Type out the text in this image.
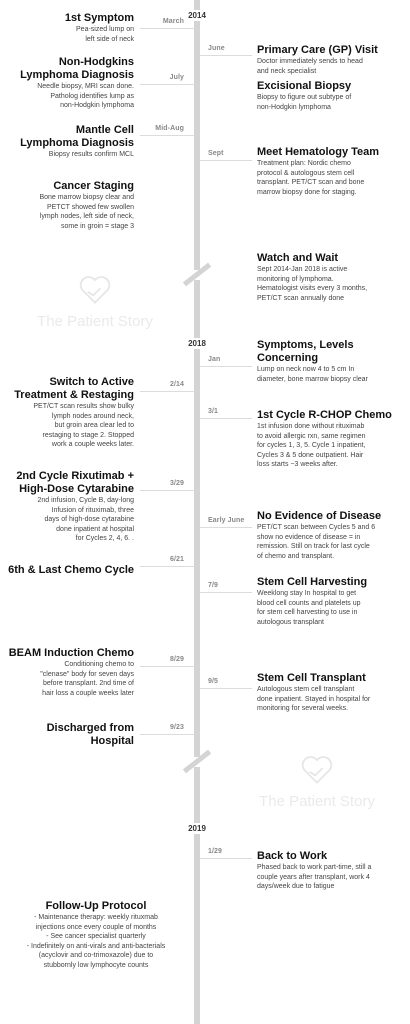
2014
2018
2019
The Patient Story
The Patient Story
1st Symptom
Pea-sized lump on
left side of neck
March
Primary Care (GP) Visit
Doctor immediately sends to head
and neck specialist
June
Non-Hodgkins
Lymphoma Diagnosis
Needle biopsy, MRI scan done.
Patholog identifies lump as
non-Hodgkin lymphoma
July
Excisional Biopsy
Biopsy to figure out subtype of
non-Hodgkin lymphoma
Mantle Cell
Lymphoma Diagnosis
Biopsy results confirm MCL
Mid-Aug
Meet Hematology Team
Treatment plan: Nordic chemo
protocol & autologous stem cell
transplant. PET/CT scan and bone
marrow biopsy done for staging.
Sept
Cancer Staging
Bone marrow biopsy clear and
PETCT showed few swollen
lymph nodes, left side of neck,
some in groin = stage 3
Watch and Wait
Sept 2014-Jan 2018 is active
monitoring of lymphoma.
Hematologist visits every 3 months,
PET/CT scan annually done
Symptoms, Levels
Concerning
Lump on neck now 4 to 5 cm In
diameter, bone marrow biopsy clear
Jan
Switch to Active
Treatment & Restaging
PET/CT scan results show bulky
lymph nodes around neck,
but groin area clear led to
restaging to stage 2. Stopped
work a couple weeks later.
2/14
1st Cycle R-CHOP Chemo
1st infusion done without rituximab
to avoid allergic rxn, same regimen
for cycles 1, 3, 5. Cycle 1 inpatient,
Cycles 3 & 5 done outpatient. Hair
loss starts ~3 weeks after.
3/1
2nd Cycle Rixutimab +
High-Dose Cytarabine
2nd infusion, Cycle B, day-long
Infusion of rituximab, three
days of high-dose cytarabine
done inpatient at hospital
for Cycles 2, 4, 6. .
3/29
No Evidence of Disease
PET/CT scan between Cycles 5 and 6
show no evidence of disease = in
remission. Still on track for last cycle
of chemo and transplant.
Early June
6th & Last Chemo Cycle
6/21
Stem Cell Harvesting
Weeklong stay In hospital to get
blood cell counts and platelets up
for stem cell harvesting to use in
autologous transplant
7/9
BEAM Induction Chemo
Conditioning chemo to
"clenase" body for seven days
before transplant. 2nd time of
hair loss a couple weeks later
8/29
Stem Cell Transplant
Autologous stem cell transplant
done inpatient. Stayed in hospital for
monitoring for several weeks.
9/5
Discharged from
Hospital
9/23
Back to Work
Phased back to work part-time, still a
couple years after transplant, work 4
days/week due to fatigue
1/29
Follow-Up Protocol
- Maintenance therapy: weekly rituxmab
injections once every couple of months
- See cancer specialist quarterly
- Indefinitely on anti-virals and anti-bacterials
(acyclovir and co-trimoxazole) due to
stubbornly low lymphocyte counts
